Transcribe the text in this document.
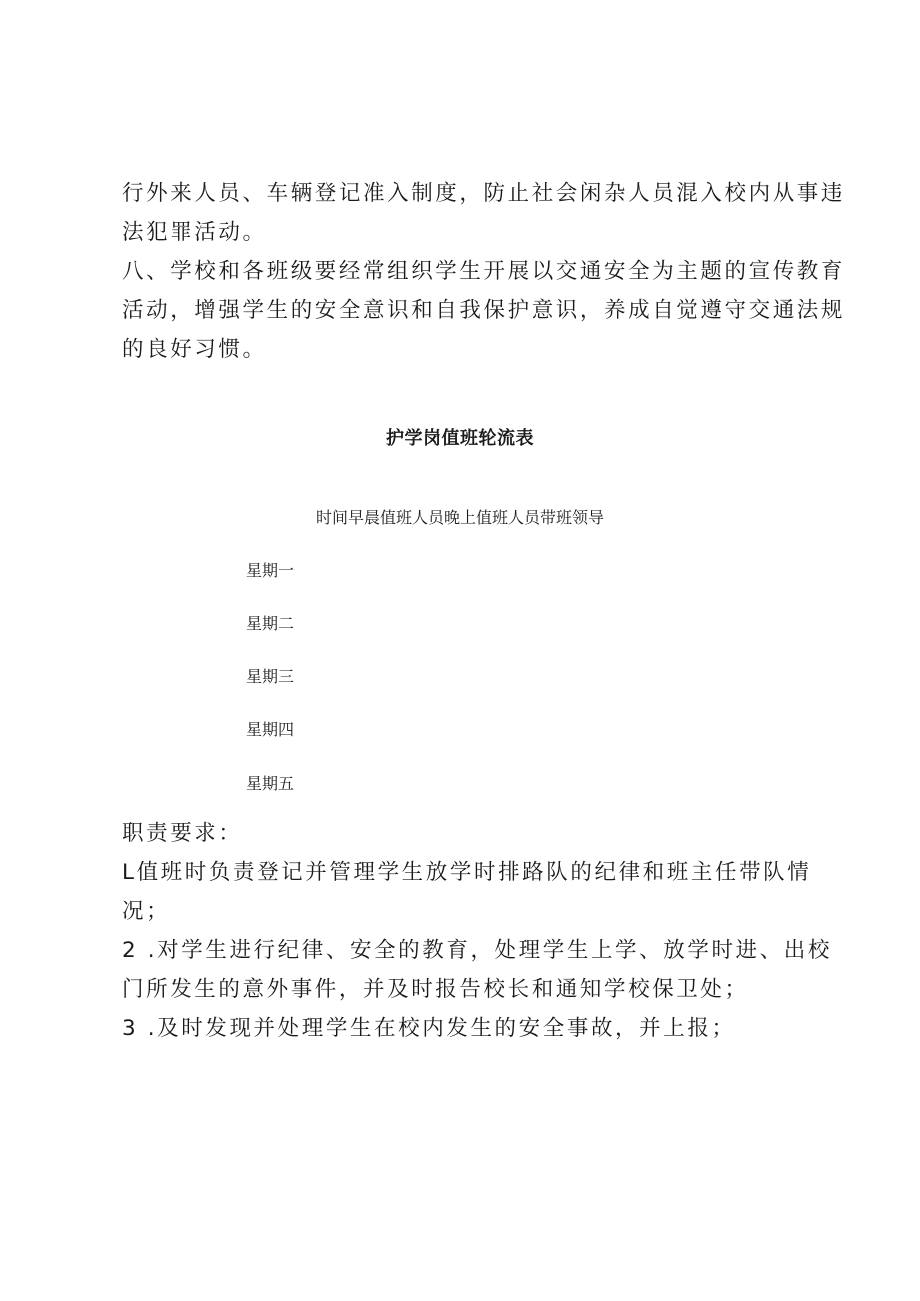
行外来人员、车辆登记准入制度，防止社会闲杂人员混入校内从事违
法犯罪活动。
八、学校和各班级要经常组织学生开展以交通安全为主题的宣传教育
活动，增强学生的安全意识和自我保护意识，养成自觉遵守交通法规
的良好习惯。
护学岗值班轮流表

时间早晨值班人员晚上值班人员带班领导

星期一

星期二

星期三

星期四

星期五

职责要求：
L值班时负责登记并管理学生放学时排路队的纪律和班主任带队情
况；
2 .对学生进行纪律、安全的教育，处理学生上学、放学时进、出校
门所发生的意外事件，并及时报告校长和通知学校保卫处；
3 .及时发现并处理学生在校内发生的安全事故，并上报；
